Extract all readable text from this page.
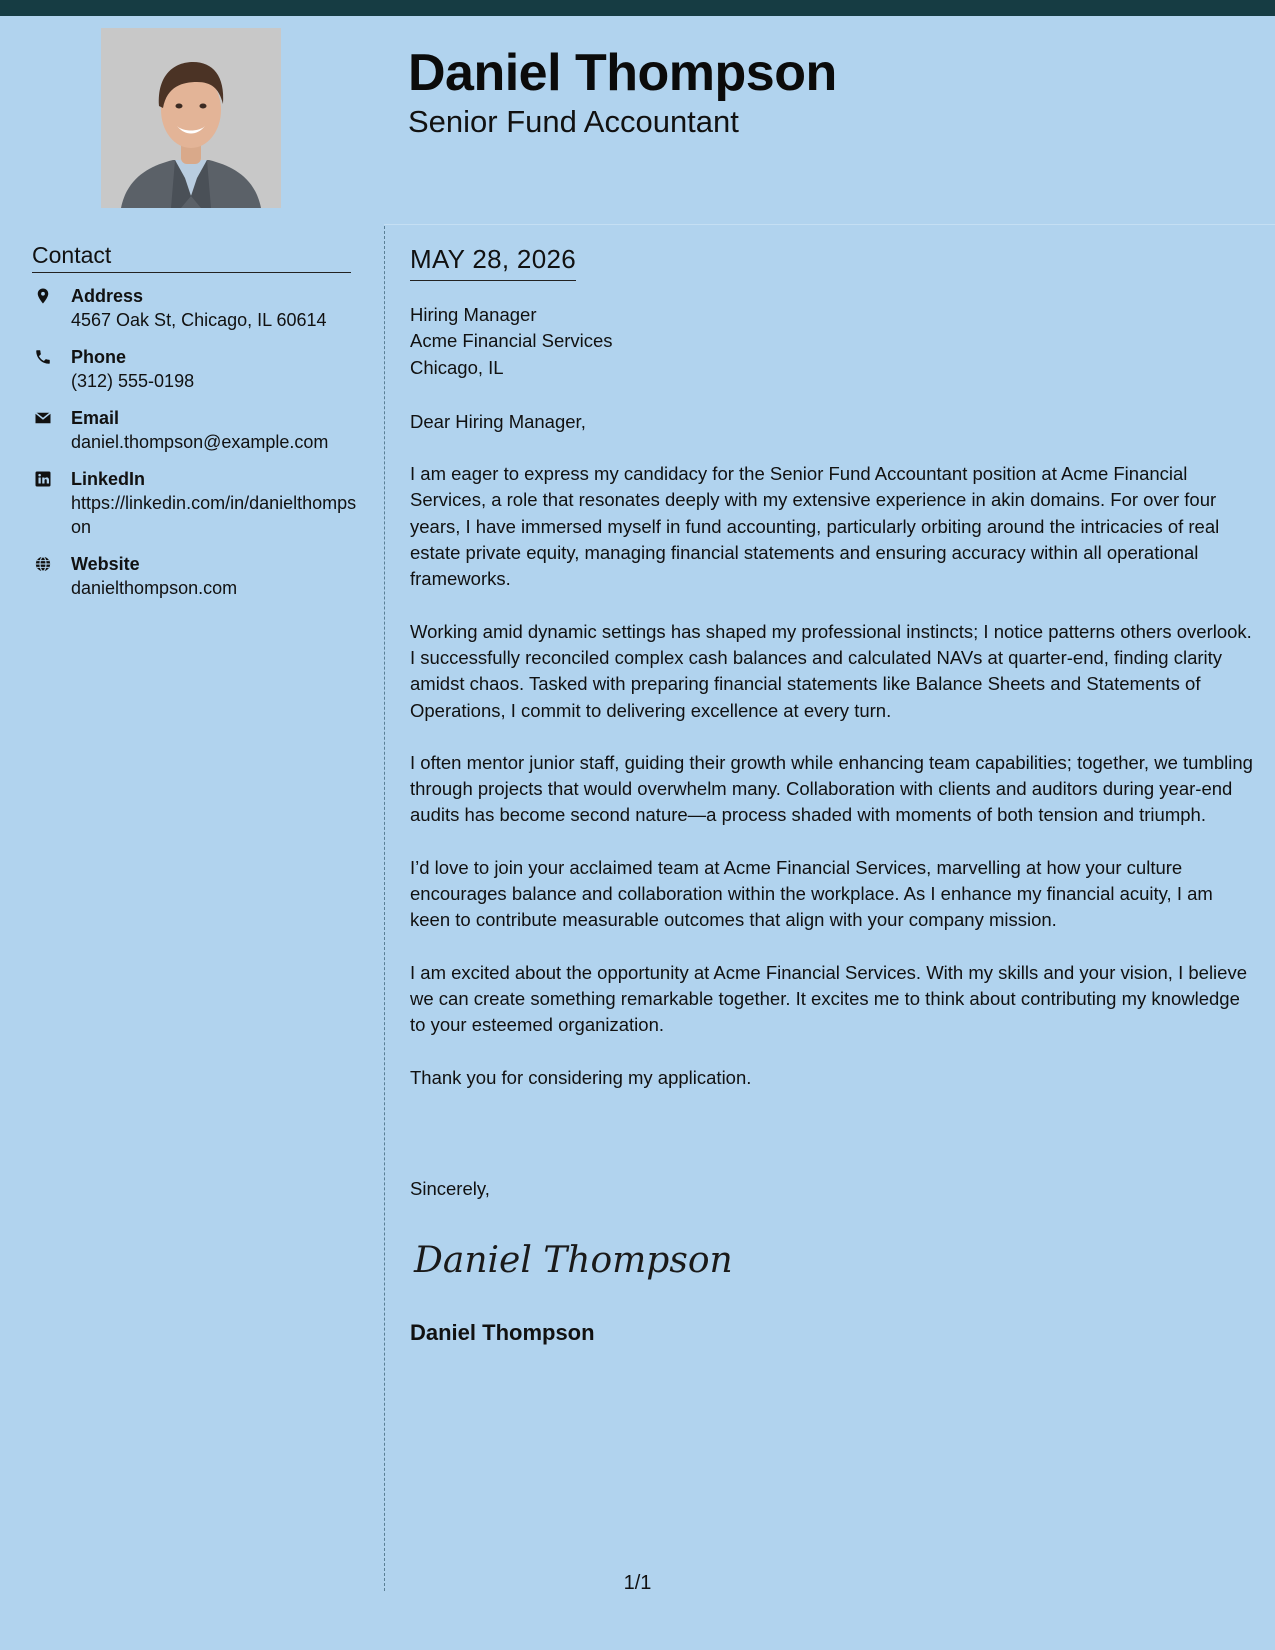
Daniel Thompson
Senior Fund Accountant
Contact
Address
4567 Oak St, Chicago, IL 60614
Phone
(312) 555-0198
Email
daniel.thompson@example.com
LinkedIn
https://linkedin.com/in/danielthompson
Website
danielthompson.com
MAY 28, 2026
Hiring Manager
Acme Financial Services
Chicago, IL

Dear Hiring Manager,

I am eager to express my candidacy for the Senior Fund Accountant position at Acme Financial Services, a role that resonates deeply with my extensive experience in akin domains. For over four years, I have immersed myself in fund accounting, particularly orbiting around the intricacies of real estate private equity, managing financial statements and ensuring accuracy within all operational frameworks.

Working amid dynamic settings has shaped my professional instincts; I notice patterns others overlook. I successfully reconciled complex cash balances and calculated NAVs at quarter-end, finding clarity amidst chaos. Tasked with preparing financial statements like Balance Sheets and Statements of Operations, I commit to delivering excellence at every turn.

I often mentor junior staff, guiding their growth while enhancing team capabilities; together, we tumbling through projects that would overwhelm many. Collaboration with clients and auditors during year-end audits has become second nature—a process shaded with moments of both tension and triumph.

I’d love to join your acclaimed team at Acme Financial Services, marvelling at how your culture encourages balance and collaboration within the workplace. As I enhance my financial acuity, I am keen to contribute measurable outcomes that align with your company mission.

I am excited about the opportunity at Acme Financial Services. With my skills and your vision, I believe we can create something remarkable together. It excites me to think about contributing my knowledge to your esteemed organization.

Thank you for considering my application.

Sincerely,
Daniel Thompson
Daniel Thompson
1/1
